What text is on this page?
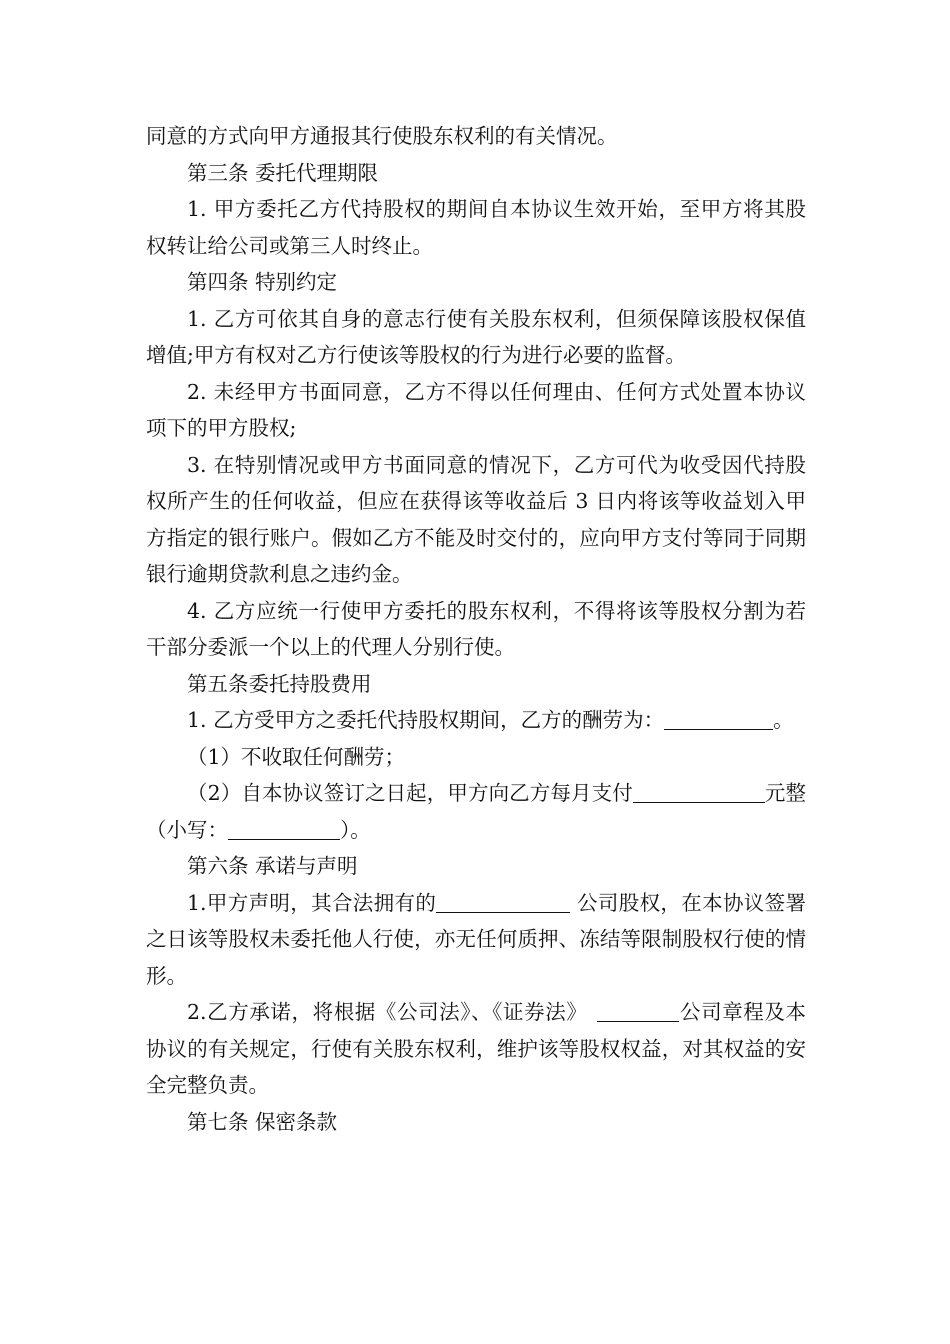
同意的方式向甲方通报其行使股东权利的有关情况。

第三条 委托代理期限

1. 甲方委托乙方代持股权的期间自本协议生效开始，至甲方将其股权转让给公司或第三人时终止。

第四条 特别约定

1. 乙方可依其自身的意志行使有关股东权利，但须保障该股权保值增值;甲方有权对乙方行使该等股权的行为进行必要的监督。

2. 未经甲方书面同意，乙方不得以任何理由、任何方式处置本协议项下的甲方股权;

3. 在特别情况或甲方书面同意的情况下，乙方可代为收受因代持股权所产生的任何收益，但应在获得该等收益后 3 日内将该等收益划入甲方指定的银行账户。假如乙方不能及时交付的，应向甲方支付等同于同期银行逾期贷款利息之违约金。

4. 乙方应统一行使甲方委托的股东权利，不得将该等股权分割为若干部分委派一个以上的代理人分别行使。

第五条委托持股费用

1. 乙方受甲方之委托代持股权期间，乙方的酬劳为：	。

（1）不收取任何酬劳；

（2）自本协议签订之日起，甲方向乙方每月支付	元整（小写：	）。

第六条 承诺与声明

1.甲方声明，其合法拥有的	公司股权，在本协议签署之日该等股权未委托他人行使，亦无任何质押、冻结等限制股权行使的情形。

2.乙方承诺，将根据《公司法》、《证券法》	公司章程及本协议的有关规定，行使有关股东权利，维护该等股权权益，对其权益的安全完整负责。

第七条 保密条款
